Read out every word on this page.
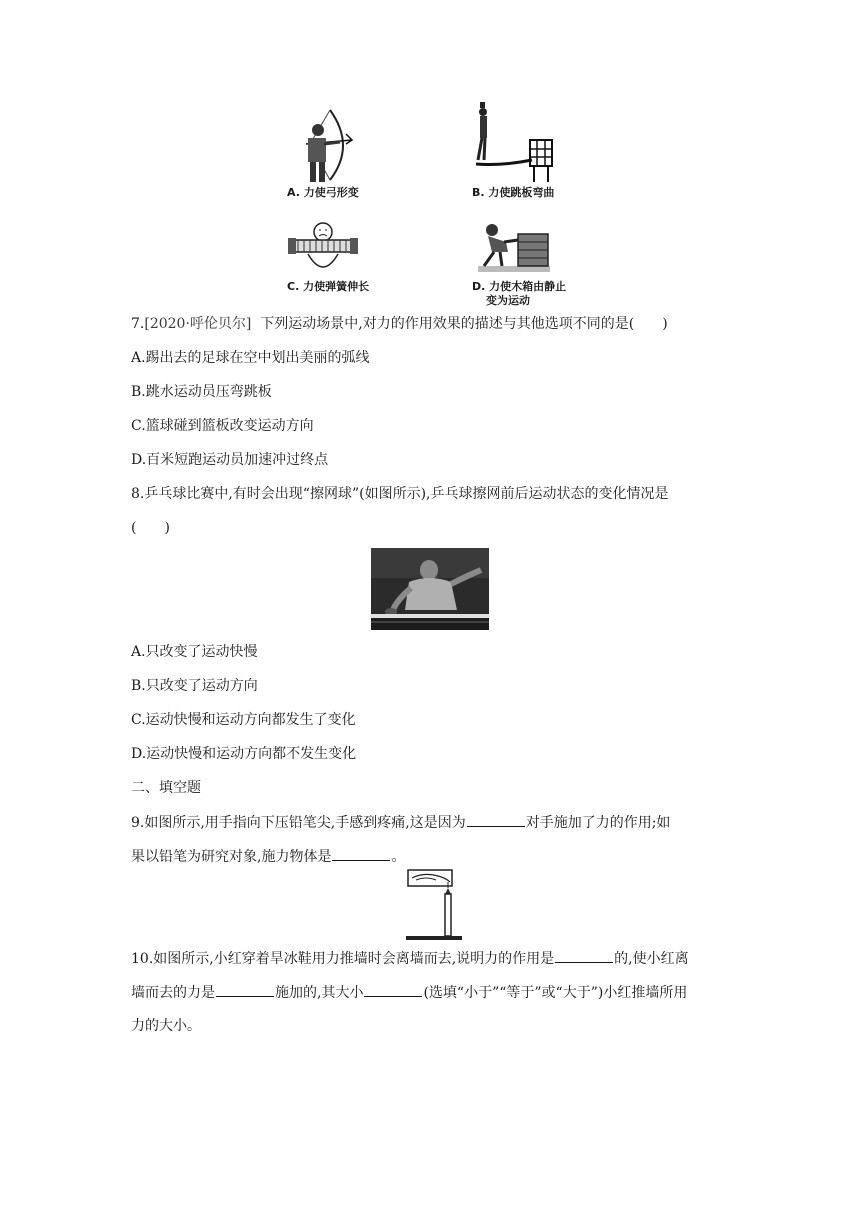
A. 力使弓形变	B. 力使跳板弯曲
C. 力使弹簧伸长	D. 力使木箱由静止
变为运动
7.[2020·呼伦贝尔] 下列运动场景中,对力的作用效果的描述与其他选项不同的是(　　)
A.踢出去的足球在空中划出美丽的弧线
B.跳水运动员压弯跳板
C.篮球碰到篮板改变运动方向
D.百米短跑运动员加速冲过终点
8.乒乓球比赛中,有时会出现“擦网球”(如图所示),乒乓球擦网前后运动状态的变化情况是
(　　)
A.只改变了运动快慢
B.只改变了运动方向
C.运动快慢和运动方向都发生了变化
D.运动快慢和运动方向都不发生变化
二、填空题
9.如图所示,用手指向下压铅笔尖,手感到疼痛,这是因为	对手施加了力的作用;如
果以铅笔为研究对象,施力物体是	。
10.如图所示,小红穿着旱冰鞋用力推墙时会离墙而去,说明力的作用是	的,使小红离
墙而去的力是	施加的,其大小	(选填“小于”“等于”或“大于”)小红推墙所用
力的大小。
